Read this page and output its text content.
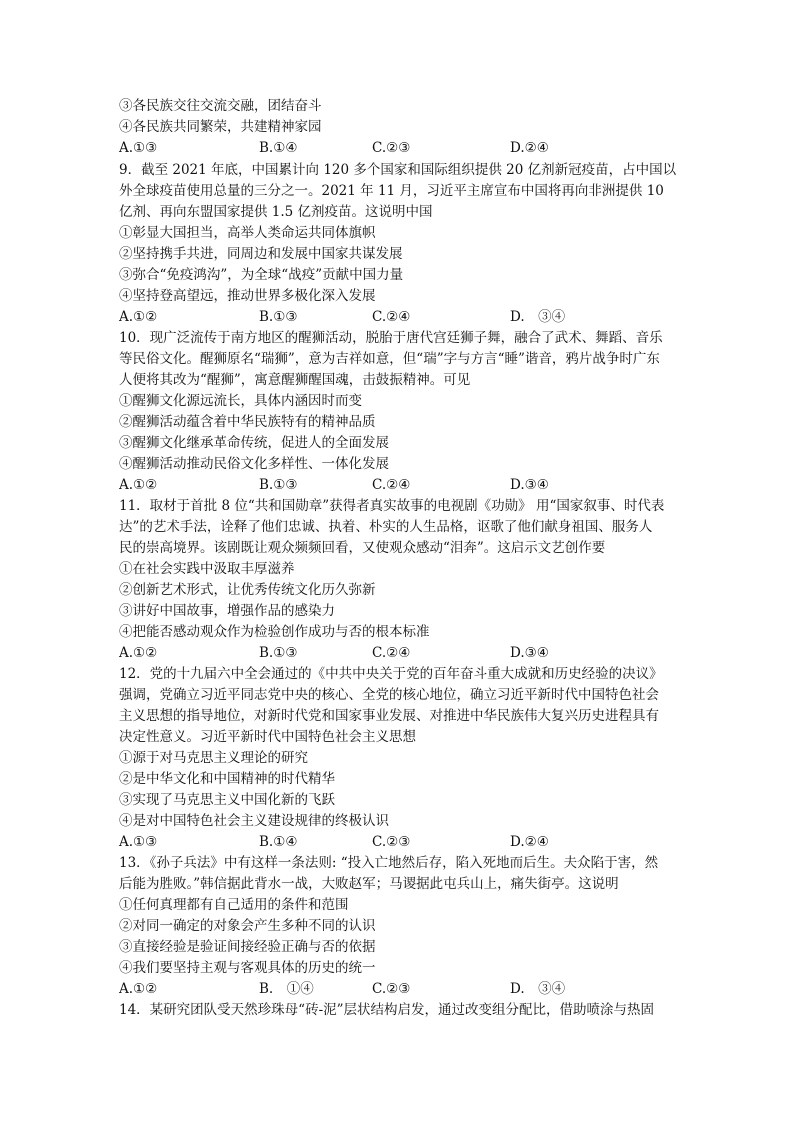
③各民族交往交流交融，团结奋斗
④各民族共同繁荣，共建精神家园
A.①③	B.①④	C.②③	D.②④
9．截至 2021 年底，中国累计向 120 多个国家和国际组织提供 20 亿剂新冠疫苗，占中国以
外全球疫苗使用总量的三分之一。2021 年 11 月，习近平主席宣布中国将再向非洲提供 10
亿剂、再向东盟国家提供 1.5 亿剂疫苗。这说明中国
①彰显大国担当，高举人类命运共同体旗帜
②坚持携手共进，同周边和发展中国家共谋发展
③弥合“免疫鸿沟”，为全球“战疫”贡献中国力量
④坚持登高望远，推动世界多极化深入发展
A.①②	B.①③	C.②④	D.　③④
10．现广泛流传于南方地区的醒狮活动，脱胎于唐代宫廷狮子舞，融合了武术、舞蹈、音乐
等民俗文化。醒狮原名“瑞狮”，意为吉祥如意，但“瑞”字与方言“睡”谐音，鸦片战争时广东
人便将其改为“醒狮”，寓意醒狮醒国魂，击鼓振精神。可见
①醒狮文化源远流长，具体内涵因时而变
②醒狮活动蕴含着中华民族特有的精神品质
③醒狮文化继承革命传统，促进人的全面发展
④醒狮活动推动民俗文化多样性、一体化发展
A.①②	B.①③	C.②④	D.③④
11．取材于首批 8 位“共和国勋章”获得者真实故事的电视剧《功勋》 用“国家叙事、时代表
达”的艺术手法，诠释了他们忠诚、执着、朴实的人生品格，讴歌了他们献身祖国、服务人
民的崇高境界。该剧既让观众频频回看，又使观众感动“泪奔”。这启示文艺创作要
①在社会实践中汲取丰厚滋养
②创新艺术形式，让优秀传统文化历久弥新
③讲好中国故事，增强作品的感染力
④把能否感动观众作为检验创作成功与否的根本标准
A.①②	B.①③	C.②④	D.③④
12．党的十九届六中全会通过的《中共中央关于党的百年奋斗重大成就和历史经验的决议》
强调，党确立习近平同志党中央的核心、全党的核心地位，确立习近平新时代中国特色社会
主义思想的指导地位，对新时代党和国家事业发展、对推进中华民族伟大复兴历史进程具有
决定性意义。习近平新时代中国特色社会主义思想
①源于对马克思主义理论的研究
②是中华文化和中国精神的时代精华
③实现了马克思主义中国化新的飞跃
④是对中国特色社会主义建设规律的终极认识
A.①③	B.①④	C.②③	D.②④
13．《孙子兵法》中有这样一条法则: “投入亡地然后存，陷入死地而后生。夫众陷于害，然
后能为胜败。”韩信据此背水一战，大败赵军；马谡据此屯兵山上，痛失街亭。这说明
①任何真理都有自己适用的条件和范围
②对同一确定的对象会产生多种不同的认识
③直接经验是验证间接经验正确与否的依据
④我们要坚持主观与客观具体的历史的统一
A.①②	B.　①④	C.②③	D.　③④
14．某研究团队受天然珍珠母“砖-泥”层状结构启发，通过改变组分配比，借助喷涂与热固
